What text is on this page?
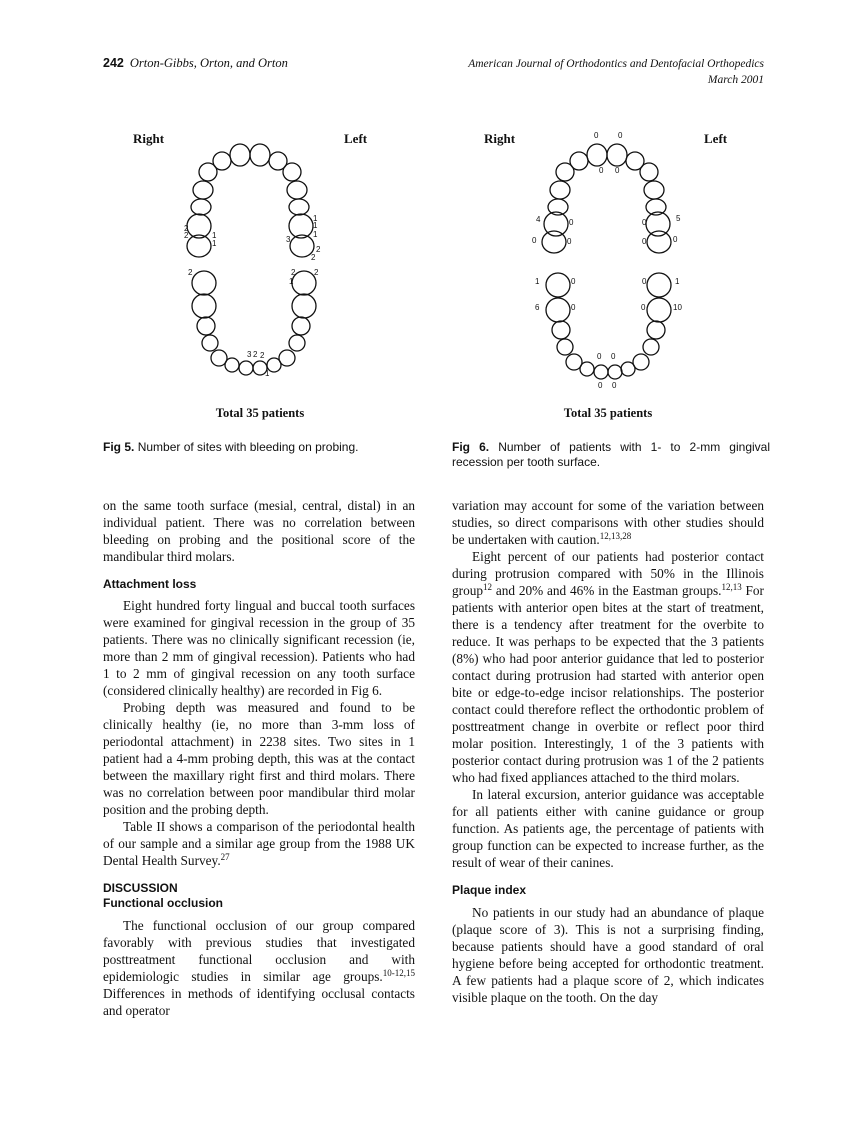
242 Orton-Gibbs, Orton, and Orton	American Journal of Orthodontics and Dentofacial Orthopedics
March 2001
Right	Left
2
2	1
1
1
1
1
3
2
2
2	2 2
1
3 2 2
1
Total 35 patients
Right	Left
0 0
0 0
4	0
0	0
0	5
0	0
1	0
6	0
0	1
0	10
0 0
0 0
Total 35 patients
Fig 5. Number of sites with bleeding on probing.	Fig 6. Number of patients with 1- to 2-mm gingival recession per tooth surface.

on the same tooth surface (mesial, central, distal) in an individual patient. There was no correlation between bleeding on probing and the positional score of the mandibular third molars.

Attachment loss

Eight hundred forty lingual and buccal tooth surfaces were examined for gingival recession in the group of 35 patients. There was no clinically significant recession (ie, more than 2 mm of gingival recession). Patients who had 1 to 2 mm of gingival recession on any tooth surface (considered clinically healthy) are recorded in Fig 6.

Probing depth was measured and found to be clinically healthy (ie, no more than 3-mm loss of periodontal attachment) in 2238 sites. Two sites in 1 patient had a 4-mm probing depth, this was at the contact between the maxillary right first and third molars. There was no correlation between poor mandibular third molar position and the probing depth.

Table II shows a comparison of the periodontal health of our sample and a similar age group from the 1988 UK Dental Health Survey.$^{27}$

DISCUSSION
Functional occlusion

The functional occlusion of our group compared favorably with previous studies that investigated posttreatment functional occlusion and with epidemiologic studies in similar age groups.$^{10-12,15}$ Differences in methods of identifying occlusal contacts and operator

variation may account for some of the variation between studies, so direct comparisons with other studies should be undertaken with caution.$^{12,13,28}$

Eight percent of our patients had posterior contact during protrusion compared with 50% in the Illinois group$^{12}$ and 20% and 46% in the Eastman groups.$^{12,13}$ For patients with anterior open bites at the start of treatment, there is a tendency after treatment for the overbite to reduce. It was perhaps to be expected that the 3 patients (8%) who had poor anterior guidance that led to posterior contact during protrusion had started with anterior open bite or edge-to-edge incisor relationships. The posterior contact could therefore reflect the orthodontic problem of posttreatment change in overbite or reflect poor third molar position. Interestingly, 1 of the 3 patients with posterior contact during protrusion was 1 of the 2 patients who had fixed appliances attached to the third molars.

In lateral excursion, anterior guidance was acceptable for all patients either with canine guidance or group function. As patients age, the percentage of patients with group function can be expected to increase further, as the result of wear of their canines.

Plaque index

No patients in our study had an abundance of plaque (plaque score of 3). This is not a surprising finding, because patients should have a good standard of oral hygiene before being accepted for orthodontic treatment. A few patients had a plaque score of 2, which indicates visible plaque on the tooth. On the day
